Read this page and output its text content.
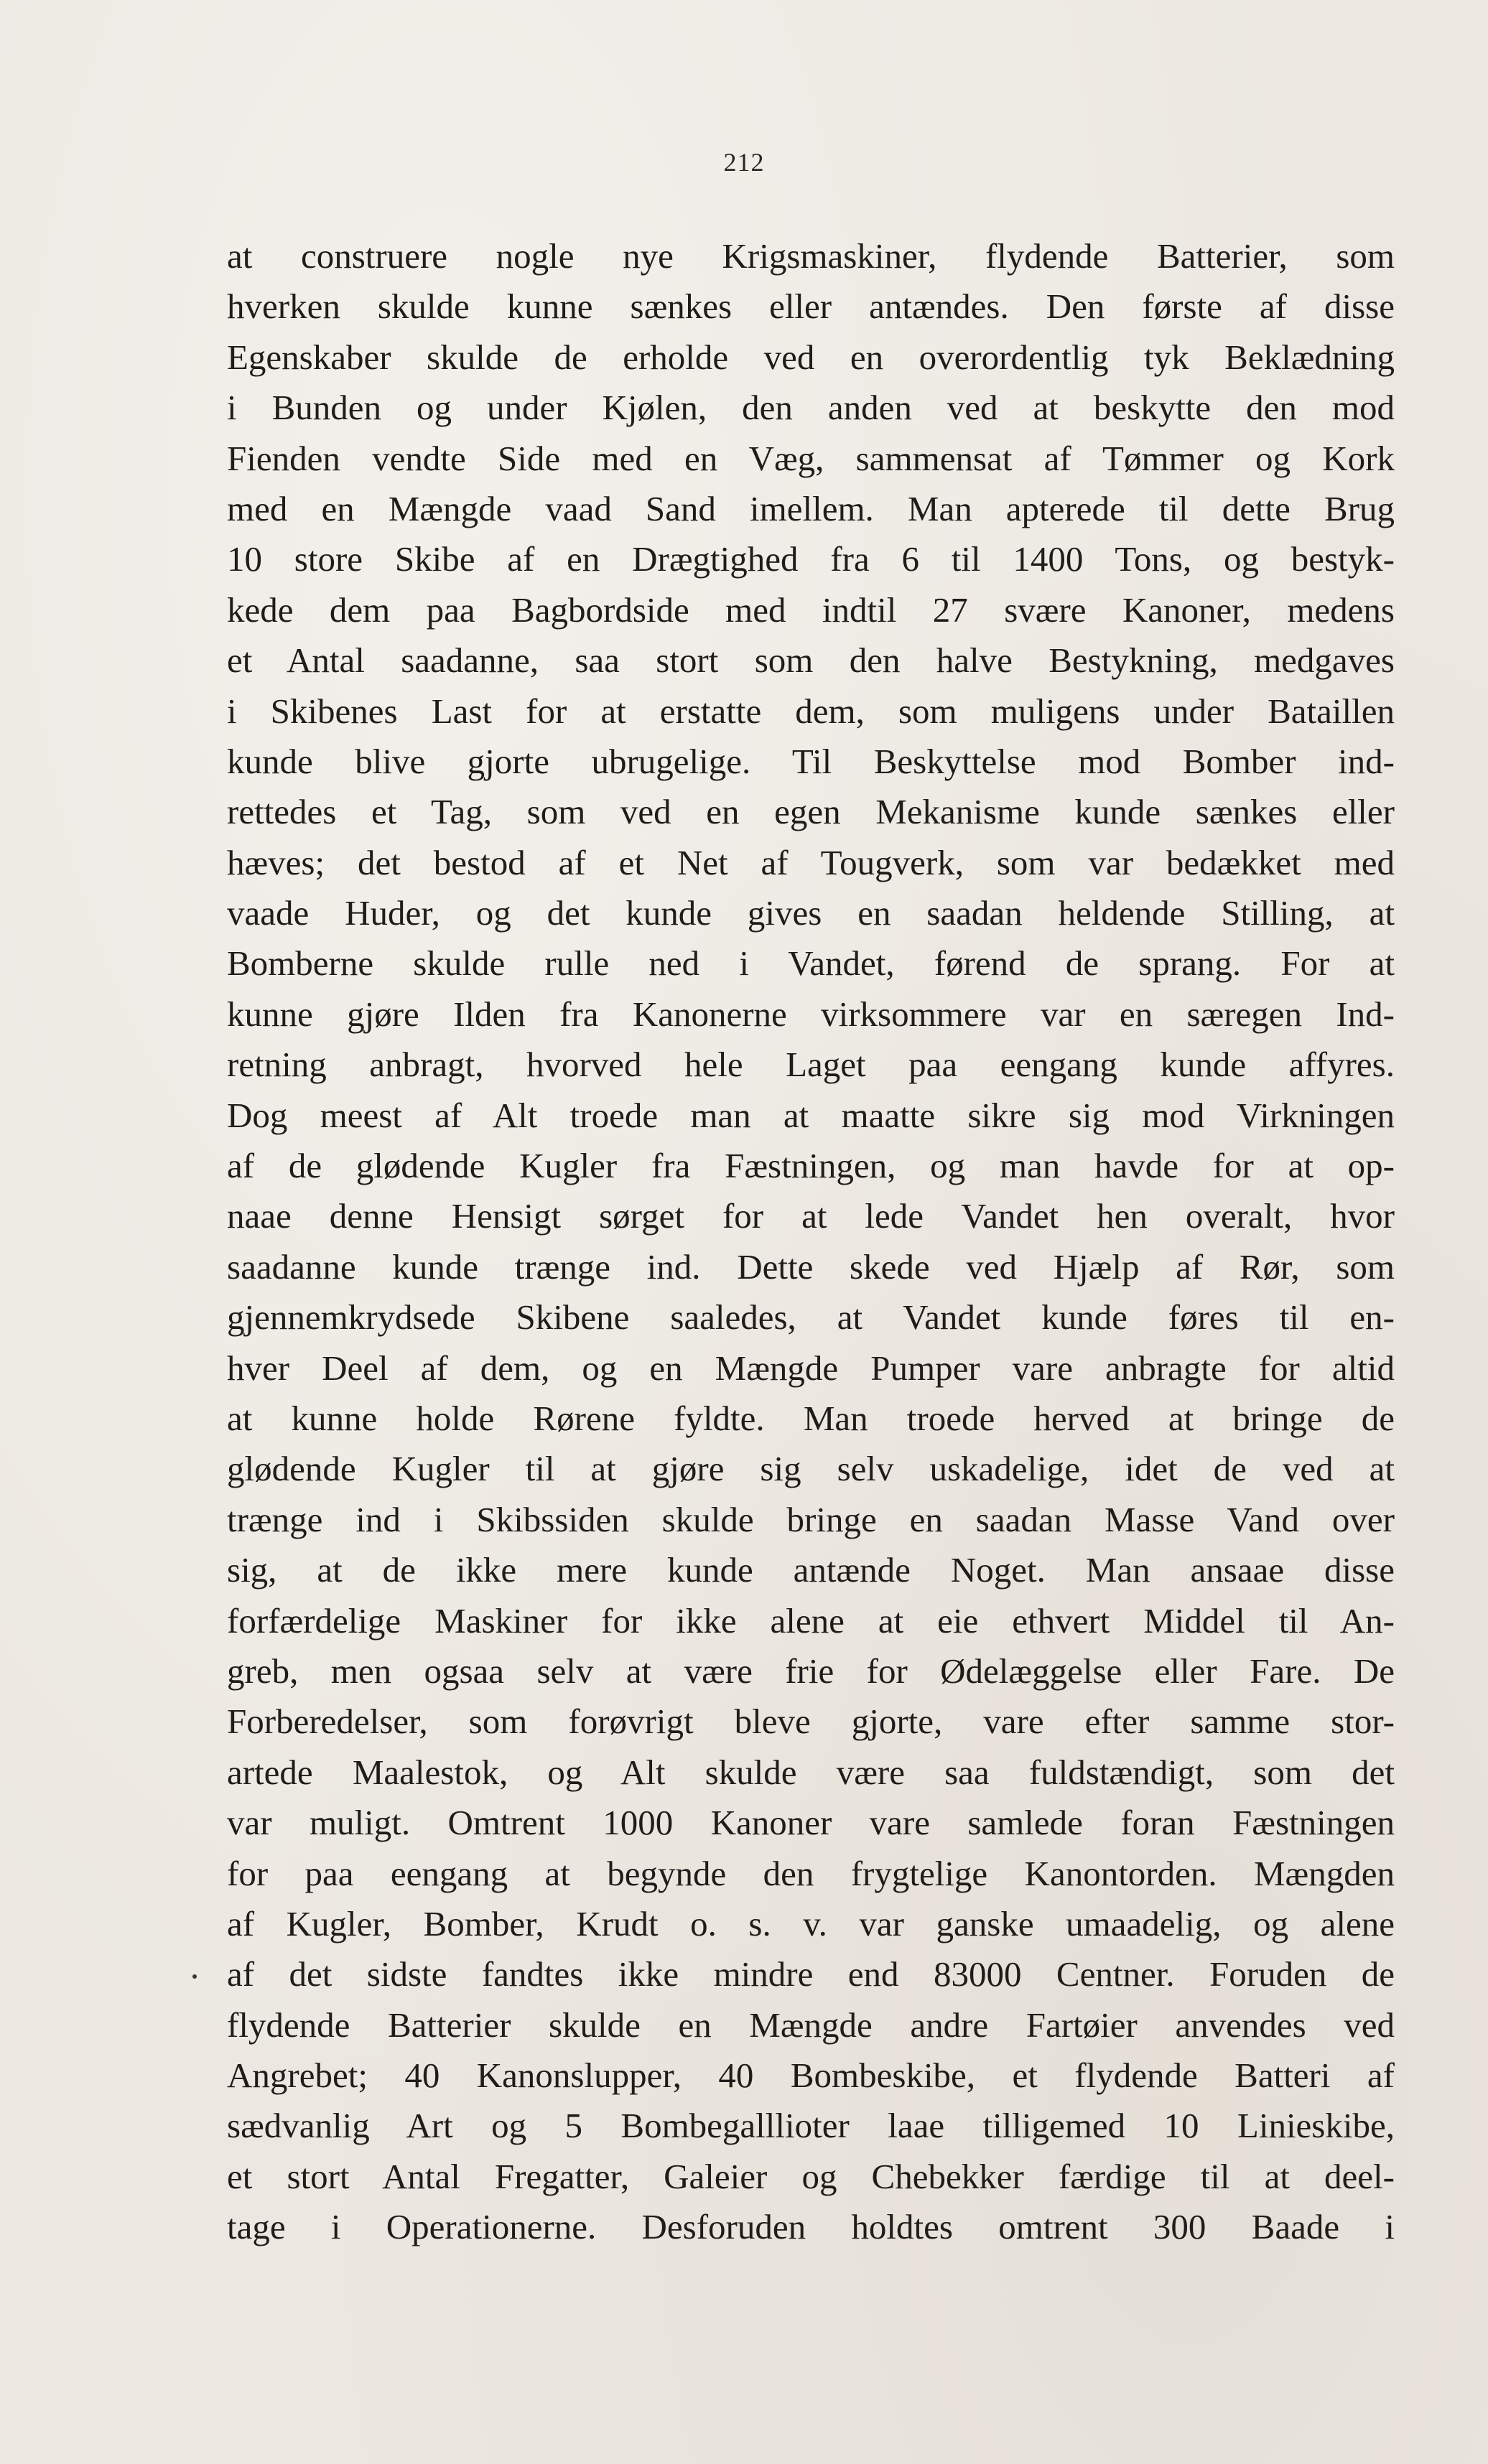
212
at construere nogle nye Krigsmaskiner, flydende Batterier, som
hverken skulde kunne sænkes eller antændes. Den første af disse
Egenskaber skulde de erholde ved en overordentlig tyk Beklædning
i Bunden og under Kjølen, den anden ved at beskytte den mod
Fienden vendte Side med en Væg, sammensat af Tømmer og Kork
med en Mængde vaad Sand imellem. Man apterede til dette Brug
10 store Skibe af en Drægtighed fra 6 til 1400 Tons, og bestyk-
kede dem paa Bagbordside med indtil 27 svære Kanoner, medens
et Antal saadanne, saa stort som den halve Bestykning, medgaves
i Skibenes Last for at erstatte dem, som muligens under Bataillen
kunde blive gjorte ubrugelige. Til Beskyttelse mod Bomber ind-
rettedes et Tag, som ved en egen Mekanisme kunde sænkes eller
hæves; det bestod af et Net af Tougverk, som var bedækket med
vaade Huder, og det kunde gives en saadan heldende Stilling, at
Bomberne skulde rulle ned i Vandet, førend de sprang. For at
kunne gjøre Ilden fra Kanonerne virksommere var en særegen Ind-
retning anbragt, hvorved hele Laget paa eengang kunde affyres.
Dog meest af Alt troede man at maatte sikre sig mod Virkningen
af de glødende Kugler fra Fæstningen, og man havde for at op-
naae denne Hensigt sørget for at lede Vandet hen overalt, hvor
saadanne kunde trænge ind. Dette skede ved Hjælp af Rør, som
gjennemkrydsede Skibene saaledes, at Vandet kunde føres til en-
hver Deel af dem, og en Mængde Pumper vare anbragte for altid
at kunne holde Rørene fyldte. Man troede herved at bringe de
glødende Kugler til at gjøre sig selv uskadelige, idet de ved at
trænge ind i Skibssiden skulde bringe en saadan Masse Vand over
sig, at de ikke mere kunde antænde Noget. Man ansaae disse
forfærdelige Maskiner for ikke alene at eie ethvert Middel til An-
greb, men ogsaa selv at være frie for Ødelæggelse eller Fare. De
Forberedelser, som forøvrigt bleve gjorte, vare efter samme stor-
artede Maalestok, og Alt skulde være saa fuldstændigt, som det
var muligt. Omtrent 1000 Kanoner vare samlede foran Fæstningen
for paa eengang at begynde den frygtelige Kanontorden. Mængden
af Kugler, Bomber, Krudt o. s. v. var ganske umaadelig, og alene
af det sidste fandtes ikke mindre end 83000 Centner. Foruden de
flydende Batterier skulde en Mængde andre Fartøier anvendes ved
Angrebet; 40 Kanonslupper, 40 Bombeskibe, et flydende Batteri af
sædvanlig Art og 5 Bombegalllioter laae tilligemed 10 Linieskibe,
et stort Antal Fregatter, Galeier og Chebekker færdige til at deel-
tage i Operationerne. Desforuden holdtes omtrent 300 Baade i
